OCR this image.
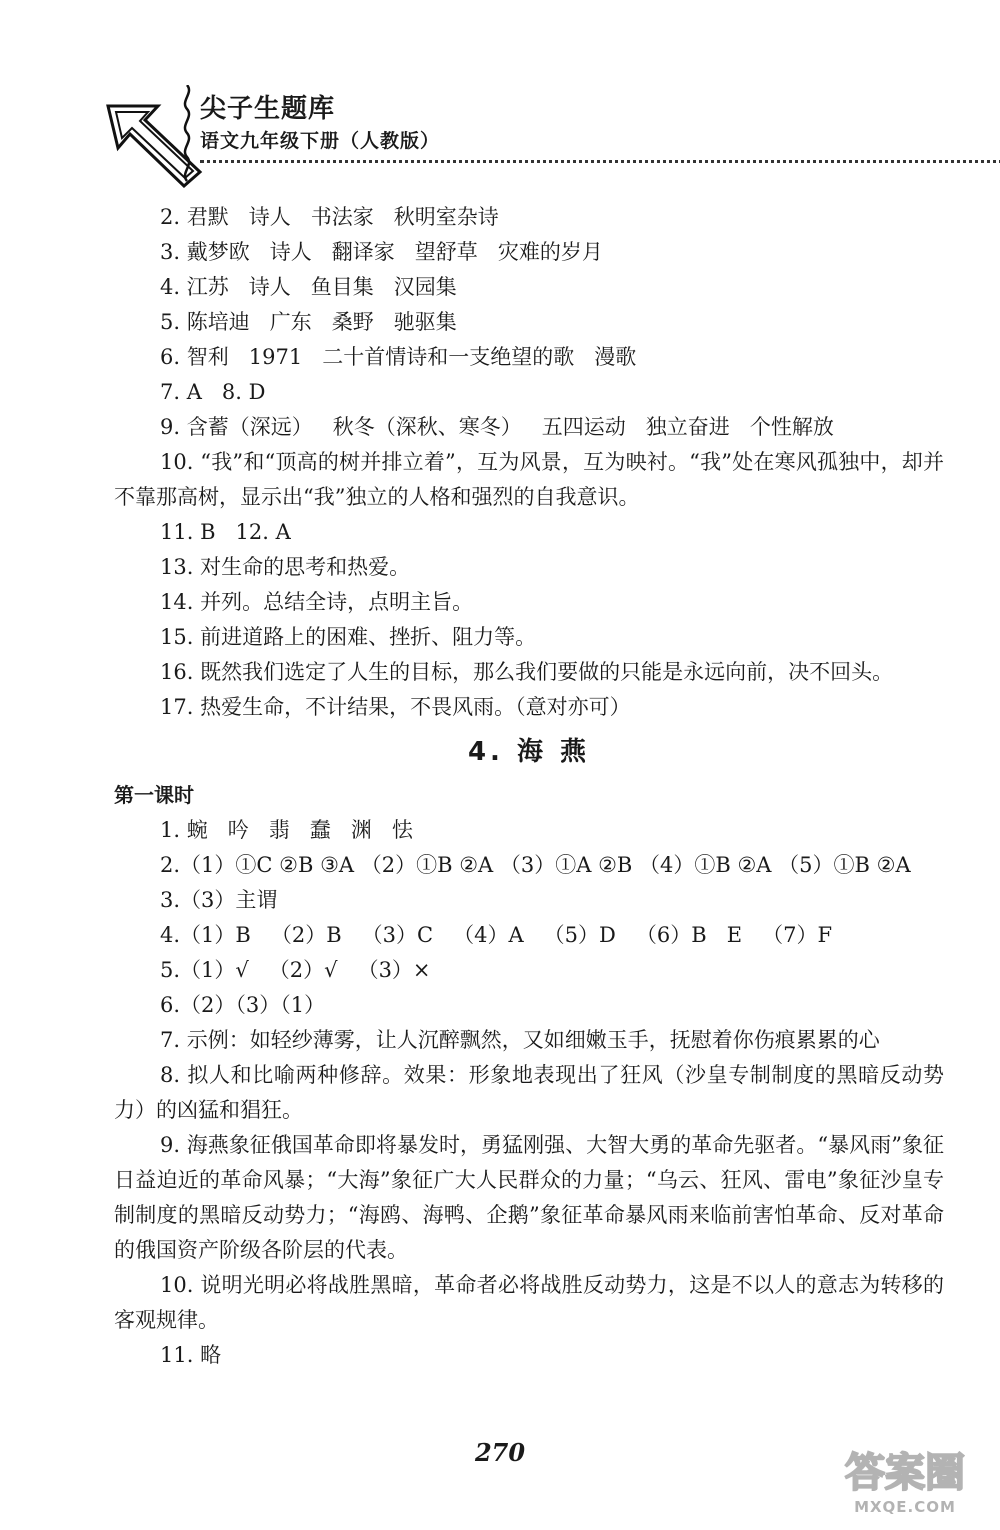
尖子生题库
语文九年级下册（人教版）
2. 君默   诗人   书法家   秋明室杂诗
3. 戴梦欧   诗人   翻译家   望舒草   灾难的岁月
4. 江苏   诗人   鱼目集   汉园集
5. 陈培迪   广东   桑野   驰驱集
6. 智利   1971   二十首情诗和一支绝望的歌   漫歌
7. A   8. D
9. 含蓄（深远）   秋冬（深秋、寒冬）   五四运动   独立奋进   个性解放
10. “我”和“顶高的树并排立着”，互为风景，互为映衬。“我”处在寒风孤独中，却并不靠那高树，显示出“我”独立的人格和强烈的自我意识。
11. B   12. A
13. 对生命的思考和热爱。
14. 并列。总结全诗，点明主旨。
15. 前进道路上的困难、挫折、阻力等。
16. 既然我们选定了人生的目标，那么我们要做的只能是永远向前，决不回头。
17. 热爱生命，不计结果，不畏风雨。（意对亦可）
4. 海 燕
第一课时
1. 蜿   吟   翡   蠢   渊   怯
2.（1）①C ②B ③A （2）①B ②A （3）①A ②B （4）①B ②A （5）①B ②A
3.（3）主谓
4.（1）B   （2）B   （3）C   （4）A   （5）D   （6）B   E   （7）F
5.（1）√   （2）√   （3）×
6.（2）（3）（1）
7. 示例：如轻纱薄雾，让人沉醉飘然，又如细嫩玉手，抚慰着你伤痕累累的心
8. 拟人和比喻两种修辞。效果：形象地表现出了狂风（沙皇专制制度的黑暗反动势力）的凶猛和猖狂。
9. 海燕象征俄国革命即将暴发时，勇猛刚强、大智大勇的革命先驱者。“暴风雨”象征日益迫近的革命风暴；“大海”象征广大人民群众的力量；“乌云、狂风、雷电”象征沙皇专制制度的黑暗反动势力；“海鸥、海鸭、企鹅”象征革命暴风雨来临前害怕革命、反对革命的俄国资产阶级各阶层的代表。
10. 说明光明必将战胜黑暗，革命者必将战胜反动势力，这是不以人的意志为转移的客观规律。
11. 略
270	答案圈
MXQE.COM
